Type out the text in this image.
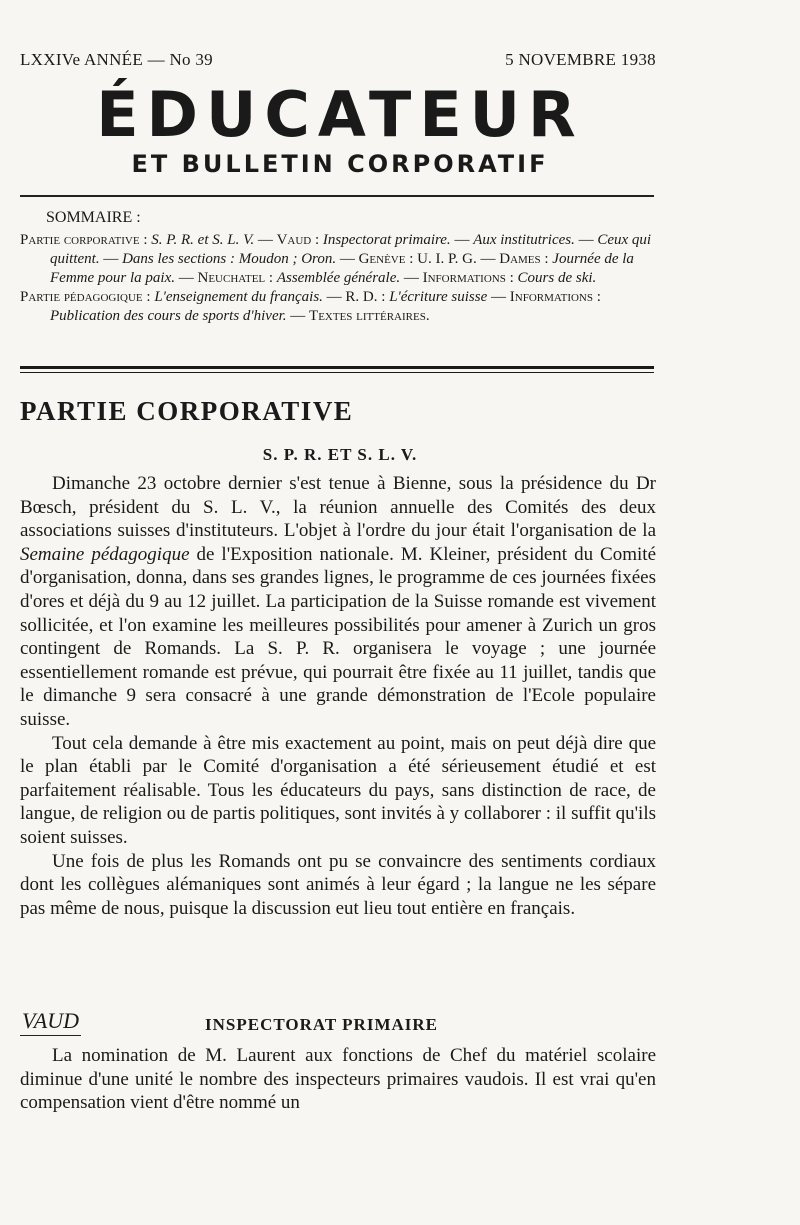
LXXIVe ANNÉE — No 39	5 NOVEMBRE 1938
ÉDUCATEUR
ET BULLETIN CORPORATIF
SOMMAIRE :
Partie corporative : S. P. R. et S. L. V. — Vaud : Inspectorat primaire. — Aux institutrices. — Ceux qui quittent. — Dans les sections : Moudon ; Oron. — Genève : U. I. P. G. — Dames : Journée de la Femme pour la paix. — Neuchatel : Assemblée générale. — Informations : Cours de ski.
Partie pédagogique : L'enseignement du français. — R. D. : L'écriture suisse — Informations : Publication des cours de sports d'hiver. — Textes littéraires.
PARTIE CORPORATIVE
S. P. R. ET S. L. V.

Dimanche 23 octobre dernier s'est tenue à Bienne, sous la présidence du Dr Bœsch, président du S. L. V., la réunion annuelle des Comités des deux associations suisses d'instituteurs. L'objet à l'ordre du jour était l'organisation de la Semaine pédagogique de l'Exposition nationale. M. Kleiner, président du Comité d'organisation, donna, dans ses grandes lignes, le programme de ces journées fixées d'ores et déjà du 9 au 12 juillet. La participation de la Suisse romande est vivement sollicitée, et l'on examine les meilleures possibilités pour amener à Zurich un gros contingent de Romands. La S. P. R. organisera le voyage ; une journée essentiellement romande est prévue, qui pourrait être fixée au 11 juillet, tandis que le dimanche 9 sera consacré à une grande démonstration de l'Ecole populaire suisse.

Tout cela demande à être mis exactement au point, mais on peut déjà dire que le plan établi par le Comité d'organisation a été sérieusement étudié et est parfaitement réalisable. Tous les éducateurs du pays, sans distinction de race, de langue, de religion ou de partis politiques, sont invités à y collaborer : il suffit qu'ils soient suisses.

Une fois de plus les Romands ont pu se convaincre des sentiments cordiaux dont les collègues alémaniques sont animés à leur égard ; la langue ne les sépare pas même de nous, puisque la discussion eut lieu tout entière en français.

VAUD	INSPECTORAT PRIMAIRE

La nomination de M. Laurent aux fonctions de Chef du matériel scolaire diminue d'une unité le nombre des inspecteurs primaires vaudois. Il est vrai qu'en compensation vient d'être nommé un
